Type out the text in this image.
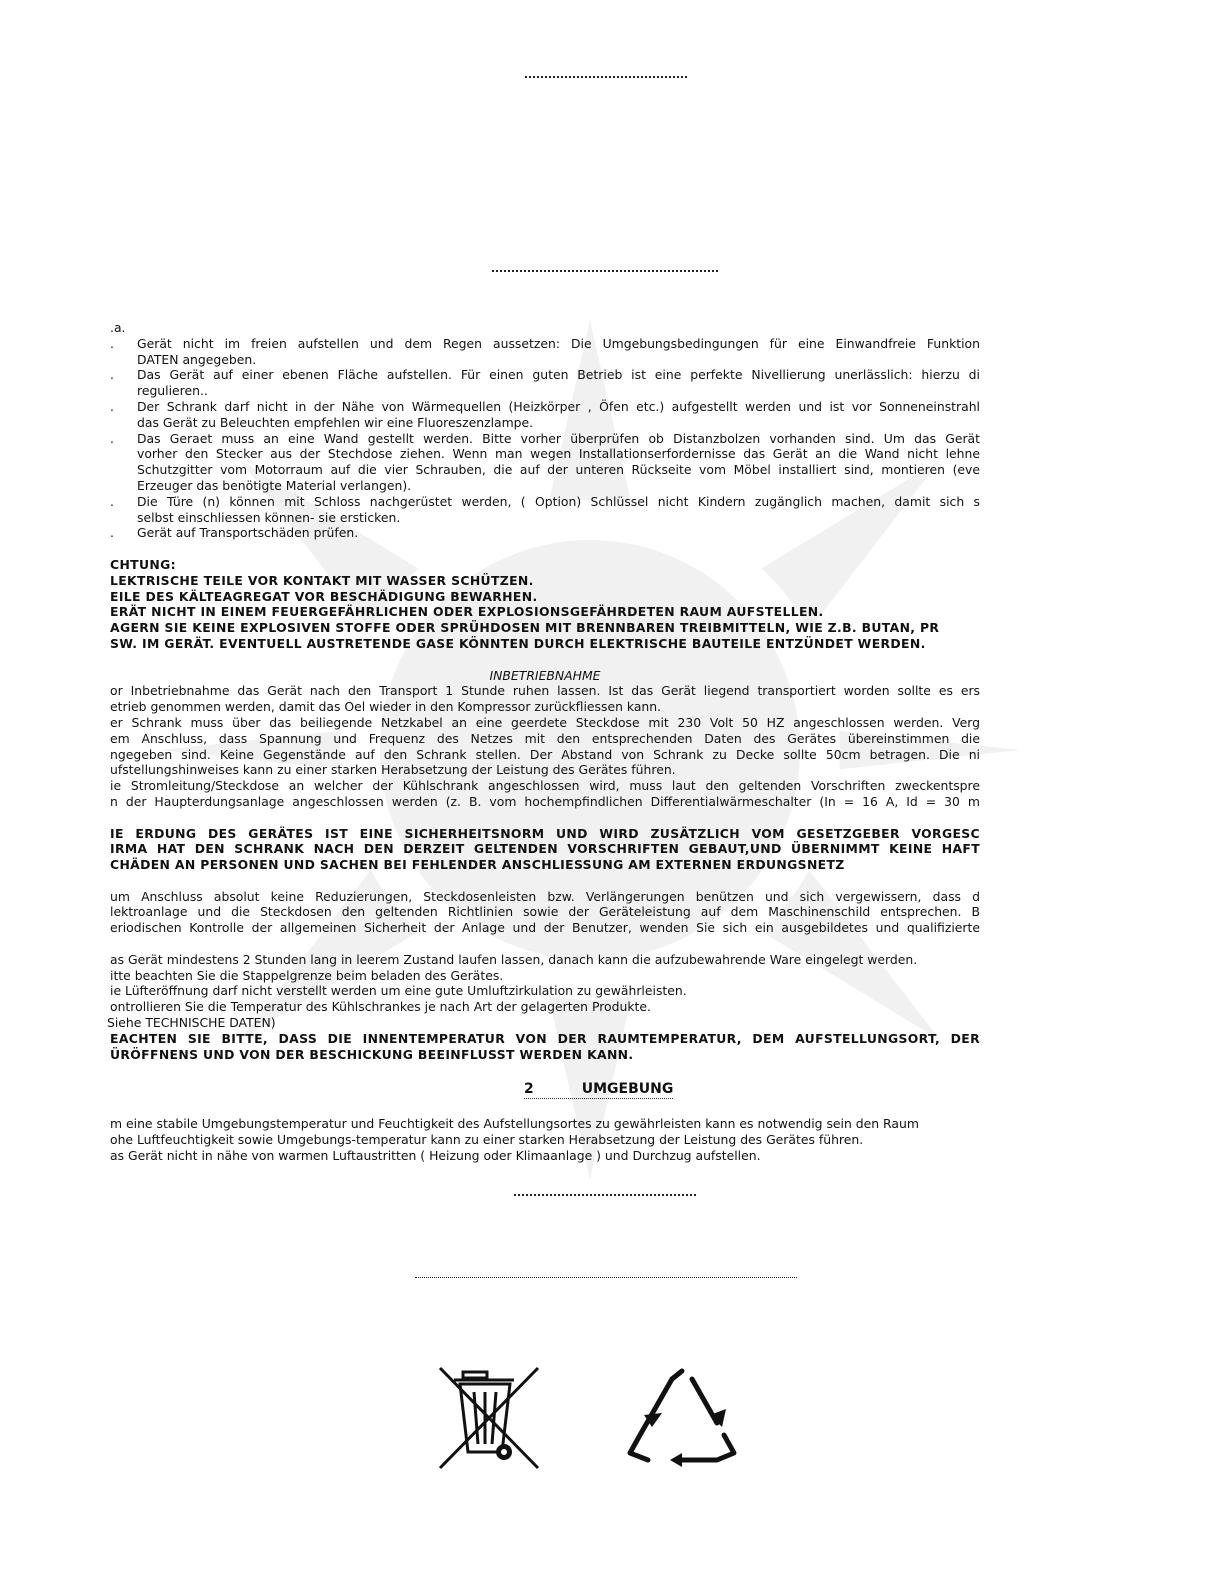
.a.
.	Gerät nicht im freien aufstellen und dem Regen aussetzen: Die Umgebungsbedingungen für eine Einwandfreie Funktion
DATEN angegeben.
.	Das Gerät auf einer ebenen Fläche aufstellen. Für einen guten Betrieb ist eine perfekte Nivellierung unerlässlich: hierzu di
regulieren..
.	Der Schrank darf nicht in der Nähe von Wärmequellen (Heizkörper , Öfen etc.) aufgestellt werden und ist vor Sonneneinstrahl
das Gerät zu Beleuchten empfehlen wir eine Fluoreszenzlampe.
.	Das Geraet muss an eine Wand gestellt werden. Bitte vorher überprüfen ob Distanzbolzen vorhanden sind. Um das Gerät
vorher den Stecker aus der Stechdose ziehen. Wenn man wegen Installationserfordernisse das Gerät an die Wand nicht lehne
Schutzgitter vom Motorraum auf die vier Schrauben, die auf der unteren Rückseite vom Möbel installiert sind, montieren (eve
Erzeuger das benötigte Material verlangen).
.	Die Türe (n) können mit Schloss nachgerüstet werden, ( Option) Schlüssel nicht Kindern zugänglich machen, damit sich s
selbst einschliessen können- sie ersticken.
.	Gerät auf Transportschäden prüfen.
CHTUNG:
LEKTRISCHE TEILE VOR KONTAKT MIT WASSER SCHÜTZEN.
EILE DES KÄLTEAGREGAT VOR BESCHÄDIGUNG BEWARHEN.
ERÄT NICHT IN EINEM FEUERGEFÄHRLICHEN ODER EXPLOSIONSGEFÄHRDETEN RAUM AUFSTELLEN.
AGERN SIE KEINE EXPLOSIVEN STOFFE ODER SPRÜHDOSEN MIT BRENNBAREN TREIBMITTELN, WIE Z.B. BUTAN, PR
SW. IM GERÄT. EVENTUELL AUSTRETENDE GASE KÖNNTEN DURCH ELEKTRISCHE BAUTEILE ENTZÜNDET WERDEN.
INBETRIEBNAHME
or Inbetriebnahme das Gerät nach den Transport 1 Stunde ruhen lassen. Ist das Gerät liegend transportiert worden sollte es ers
etrieb genommen werden, damit das Oel wieder in den Kompressor zurückfliessen kann.
er Schrank muss über das beiliegende Netzkabel an eine geerdete Steckdose mit 230 Volt 50 HZ angeschlossen werden. Verg
em Anschluss, dass Spannung und Frequenz des Netzes mit den entsprechenden Daten des Gerätes übereinstimmen die
ngegeben sind. Keine Gegenstände auf den Schrank stellen. Der Abstand von Schrank zu Decke sollte 50cm betragen. Die ni
ufstellungshinweises kann zu einer starken Herabsetzung der Leistung des Gerätes führen.
ie Stromleitung/Steckdose an welcher der Kühlschrank angeschlossen wird, muss laut den geltenden Vorschriften zweckentspre
n der Haupterdungsanlage angeschlossen werden (z. B. vom hochempfindlichen Differentialwärmeschalter (In = 16 A, Id = 30 m
IE ERDUNG DES GERÄTES IST EINE SICHERHEITSNORM UND WIRD ZUSÄTZLICH VOM GESETZGEBER VORGESC
IRMA HAT DEN SCHRANK NACH DEN DERZEIT GELTENDEN VORSCHRIFTEN GEBAUT,UND ÜBERNIMMT KEINE HAFT
CHÄDEN AN PERSONEN UND SACHEN BEI FEHLENDER ANSCHLIESSUNG AM EXTERNEN ERDUNGSNETZ
um Anschluss absolut keine Reduzierungen, Steckdosenleisten bzw. Verlängerungen benützen und sich vergewissern, dass d
lektroanlage und die Steckdosen den geltenden Richtlinien sowie der Geräteleistung auf dem Maschinenschild entsprechen. B
eriodischen Kontrolle der allgemeinen Sicherheit der Anlage und der Benutzer, wenden Sie sich ein ausgebildetes und qualifizierte
as Gerät mindestens 2 Stunden lang in leerem Zustand laufen lassen, danach kann die aufzubewahrende Ware eingelegt werden.
itte beachten Sie die Stappelgrenze beim beladen des Gerätes.
ie Lüfteröffnung darf nicht verstellt werden um eine gute Umluftzirkulation zu gewährleisten.
ontrollieren Sie die Temperatur des Kühlschrankes je nach Art der gelagerten Produkte.
Siehe TECHNISCHE DATEN)
EACHTEN SIE BITTE, DASS DIE INNENTEMPERATUR VON DER RAUMTEMPERATUR, DEM AUFSTELLUNGSORT, DER
ÜRÖFFNENS UND VON DER BESCHICKUNG BEEINFLUSST WERDEN KANN.
2	UMGEBUNG
m eine stabile Umgebungstemperatur und Feuchtigkeit des Aufstellungsortes zu gewährleisten kann es notwendig sein den Raum
ohe Luftfeuchtigkeit sowie Umgebungs-temperatur kann zu einer starken Herabsetzung der Leistung des Gerätes führen.
as Gerät nicht in nähe von warmen Luftaustritten ( Heizung oder Klimaanlage ) und Durchzug aufstellen.
